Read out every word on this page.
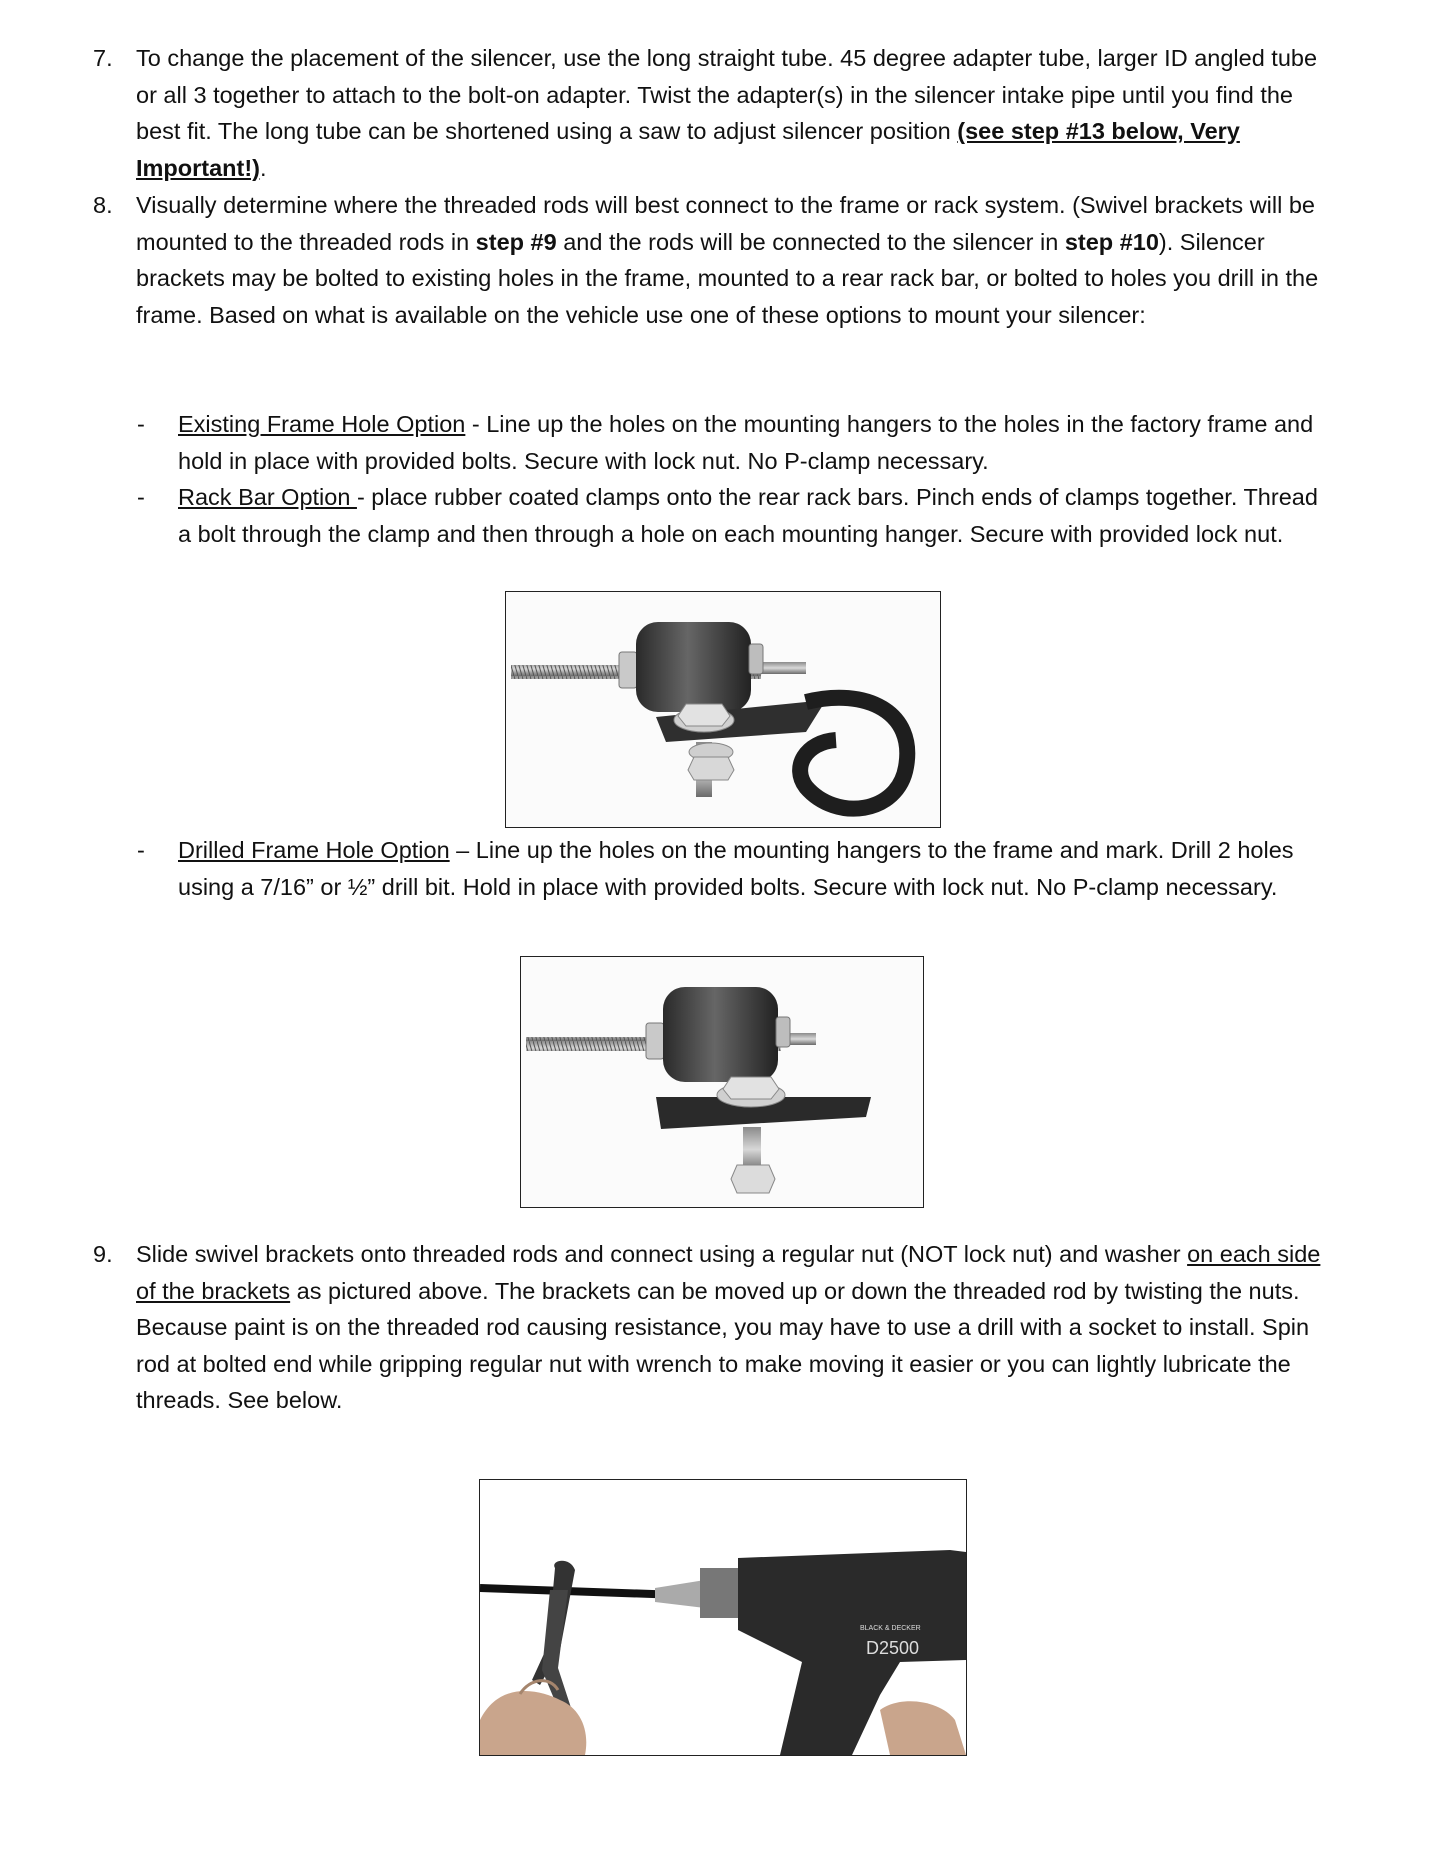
7. To change the placement of the silencer, use the long straight tube. 45 degree adapter tube, larger ID angled tube or all 3 together to attach to the bolt-on adapter. Twist the adapter(s) in the silencer intake pipe until you find the best fit. The long tube can be shortened using a saw to adjust silencer position (see step #13 below, Very Important!).
8. Visually determine where the threaded rods will best connect to the frame or rack system. (Swivel brackets will be mounted to the threaded rods in step #9 and the rods will be connected to the silencer in step #10). Silencer brackets may be bolted to existing holes in the frame, mounted to a rear rack bar, or bolted to holes you drill in the frame. Based on what is available on the vehicle use one of these options to mount your silencer:
- Existing Frame Hole Option - Line up the holes on the mounting hangers to the holes in the factory frame and hold in place with provided bolts. Secure with lock nut. No P-clamp necessary.
- Rack Bar Option - place rubber coated clamps onto the rear rack bars. Pinch ends of clamps together. Thread a bolt through the clamp and then through a hole on each mounting hanger. Secure with provided lock nut.
- Drilled Frame Hole Option – Line up the holes on the mounting hangers to the frame and mark. Drill 2 holes using a 7/16” or ½” drill bit. Hold in place with provided bolts. Secure with lock nut. No P-clamp necessary.
9. Slide swivel brackets onto threaded rods and connect using a regular nut (NOT lock nut) and washer on each side of the brackets as pictured above. The brackets can be moved up or down the threaded rod by twisting the nuts. Because paint is on the threaded rod causing resistance, you may have to use a drill with a socket to install. Spin rod at bolted end while gripping regular nut with wrench to make moving it easier or you can lightly lubricate the threads. See below.
BLACK & DECKER
D2500
